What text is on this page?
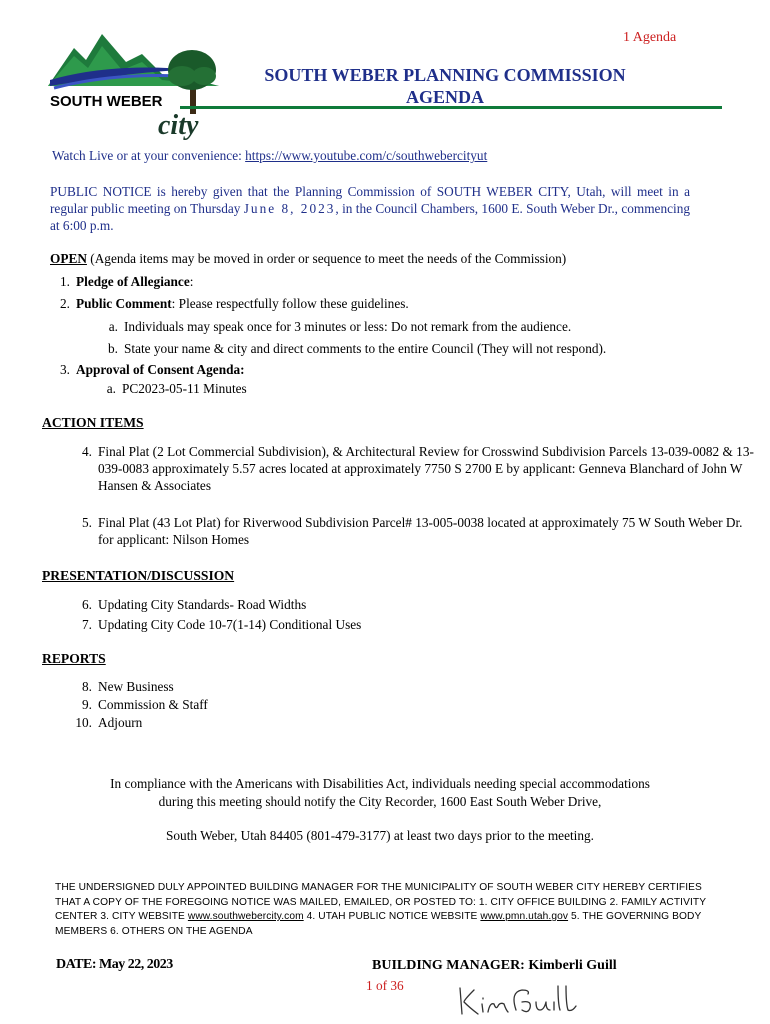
1 Agenda
SOUTH WEBER
city
SOUTH WEBER PLANNING COMMISSION
AGENDA
Watch Live or at your convenience: https://www.youtube.com/c/southwebercityut
PUBLIC NOTICE is hereby given that the Planning Commission of SOUTH WEBER CITY, Utah, will meet in a regular public meeting on Thursday June 8, 2023, in the Council Chambers, 1600 E. South Weber Dr., commencing at 6:00 p.m.
OPEN (Agenda items may be moved in order or sequence to meet the needs of the Commission)
1. Pledge of Allegiance:
2. Public Comment: Please respectfully follow these guidelines.
a. Individuals may speak once for 3 minutes or less: Do not remark from the audience.
b. State your name & city and direct comments to the entire Council (They will not respond).
3. Approval of Consent Agenda:
a. PC2023-05-11 Minutes
ACTION ITEMS
4. Final Plat (2 Lot Commercial Subdivision), & Architectural Review for Crosswind Subdivision Parcels 13-039-0082 & 13-039-0083 approximately 5.57 acres located at approximately 7750 S 2700 E by applicant: Genneva Blanchard of John W Hansen & Associates
5. Final Plat (43 Lot Plat) for Riverwood Subdivision Parcel# 13-005-0038 located at approximately 75 W South Weber Dr. for applicant: Nilson Homes
PRESENTATION/DISCUSSION
6. Updating City Standards- Road Widths
7. Updating City Code 10-7(1-14) Conditional Uses
REPORTS
8. New Business
9. Commission & Staff
10. Adjourn
In compliance with the Americans with Disabilities Act, individuals needing special accommodations
during this meeting should notify the City Recorder, 1600 East South Weber Drive,
South Weber, Utah 84405 (801-479-3177) at least two days prior to the meeting.
THE UNDERSIGNED DULY APPOINTED BUILDING MANAGER FOR THE MUNICIPALITY OF SOUTH WEBER CITY HEREBY CERTIFIES THAT A COPY OF THE FOREGOING NOTICE WAS MAILED, EMAILED, OR POSTED TO: 1. CITY OFFICE BUILDING 2. FAMILY ACTIVITY CENTER 3. CITY WEBSITE www.southwebercity.com 4. UTAH PUBLIC NOTICE WEBSITE www.pmn.utah.gov 5. THE GOVERNING BODY MEMBERS 6. OTHERS ON THE AGENDA
DATE: May 22, 2023	BUILDING MANAGER: Kimberli Guill
1 of 36
